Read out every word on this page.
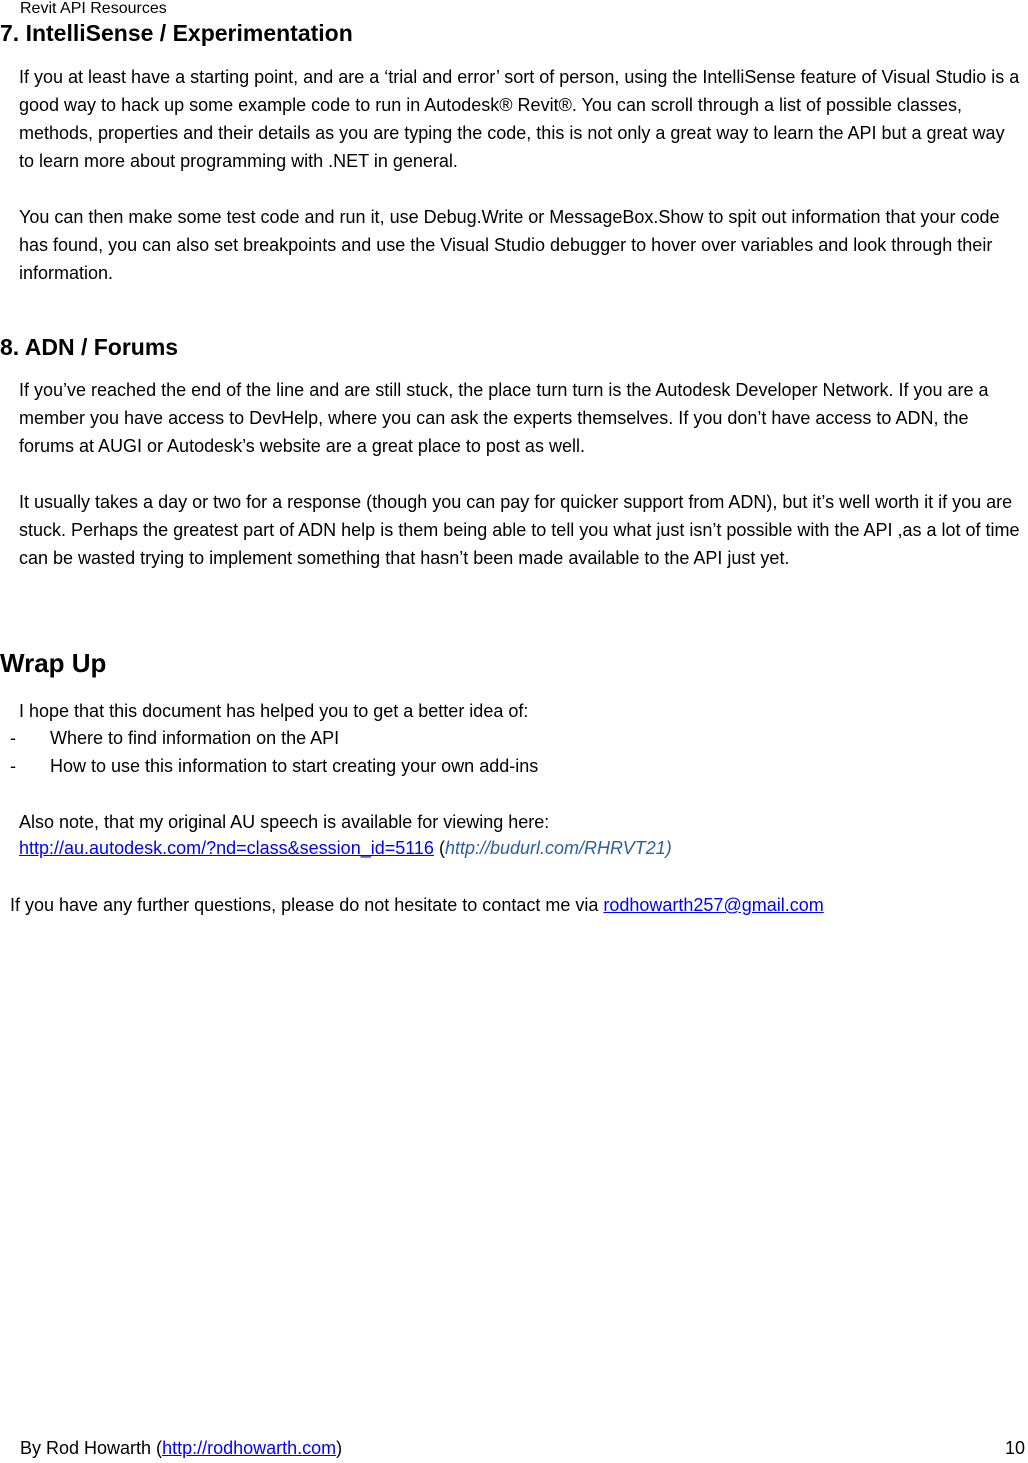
Revit API Resources
7. IntelliSense / Experimentation

If you at least have a starting point, and are a ‘trial and error’ sort of person, using the IntelliSense feature of Visual Studio is a good way to hack up some example code to run in Autodesk® Revit®. You can scroll through a list of possible classes, methods, properties and their details as you are typing the code, this is not only a great way to learn the API but a great way to learn more about programming with .NET in general.

You can then make some test code and run it, use Debug.Write or MessageBox.Show to spit out information that your code has found, you can also set breakpoints and use the Visual Studio debugger to hover over variables and look through their information.

8. ADN / Forums

If you’ve reached the end of the line and are still stuck, the place turn turn is the Autodesk Developer Network. If you are a member you have access to DevHelp, where you can ask the experts themselves. If you don’t have access to ADN, the forums at AUGI or Autodesk’s website are a great place to post as well.

It usually takes a day or two for a response (though you can pay for quicker support from ADN), but it’s well worth it if you are stuck. Perhaps the greatest part of ADN help is them being able to tell you what just isn’t possible with the API ,as a lot of time can be wasted trying to implement something that hasn’t been made available to the API just yet.

Wrap Up
I hope that this document has helped you to get a better idea of:
- Where to find information on the API
- How to use this information to start creating your own add-ins
Also note, that my original AU speech is available for viewing here:
http://au.autodesk.com/?nd=class&session_id=5116 (http://budurl.com/RHRVT21)
If you have any further questions, please do not hesitate to contact me via rodhowarth257@gmail.com
By Rod Howarth (http://rodhowarth.com)	10
